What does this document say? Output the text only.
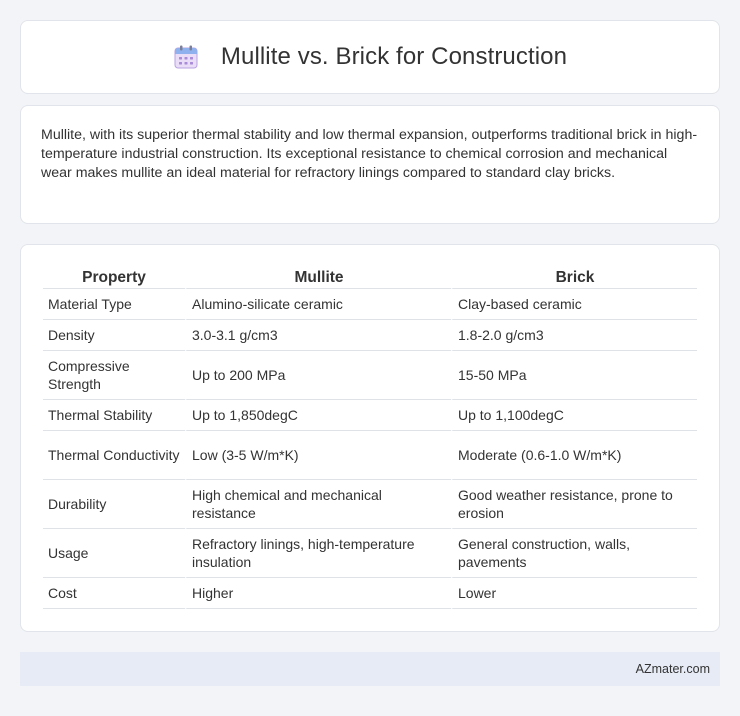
Mullite vs. Brick for Construction

Mullite, with its superior thermal stability and low thermal expansion, outperforms traditional brick in high-temperature industrial construction. Its exceptional resistance to chemical corrosion and mechanical wear makes mullite an ideal material for refractory linings compared to standard clay bricks.

Property	Mullite	Brick
Material Type	Alumino-silicate ceramic	Clay-based ceramic
Density	3.0-3.1 g/cm3	1.8-2.0 g/cm3
Compressive Strength	Up to 200 MPa	15-50 MPa
Thermal Stability	Up to 1,850degC	Up to 1,100degC
Thermal Conductivity	Low (3-5 W/m*K)	Moderate (0.6-1.0 W/m*K)
Durability	High chemical and mechanical resistance	Good weather resistance, prone to erosion
Usage	Refractory linings, high-temperature insulation	General construction, walls, pavements
Cost	Higher	Lower
AZmater.com
